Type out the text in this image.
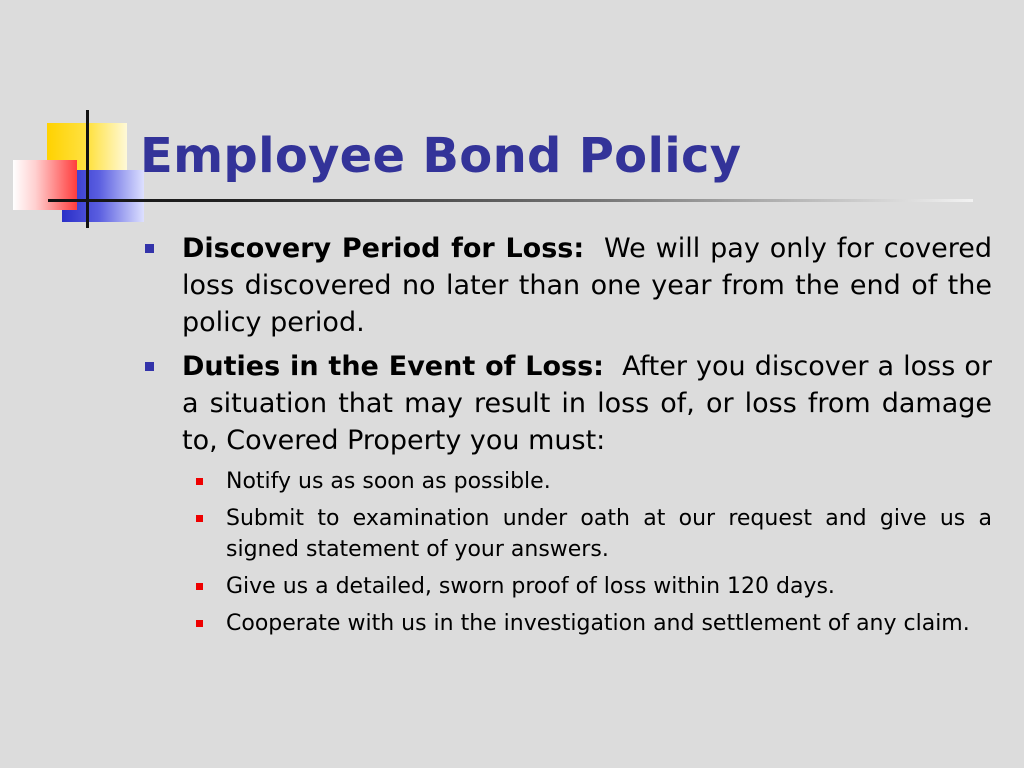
Employee Bond Policy
Discovery Period for Loss: We will pay only for covered loss discovered no later than one year from the end of the policy period.
Duties in the Event of Loss: After you discover a loss or a situation that may result in loss of, or loss from damage to, Covered Property you must:
Notify us as soon as possible.
Submit to examination under oath at our request and give us a signed statement of your answers.
Give us a detailed, sworn proof of loss within 120 days.
Cooperate with us in the investigation and settlement of any claim.
